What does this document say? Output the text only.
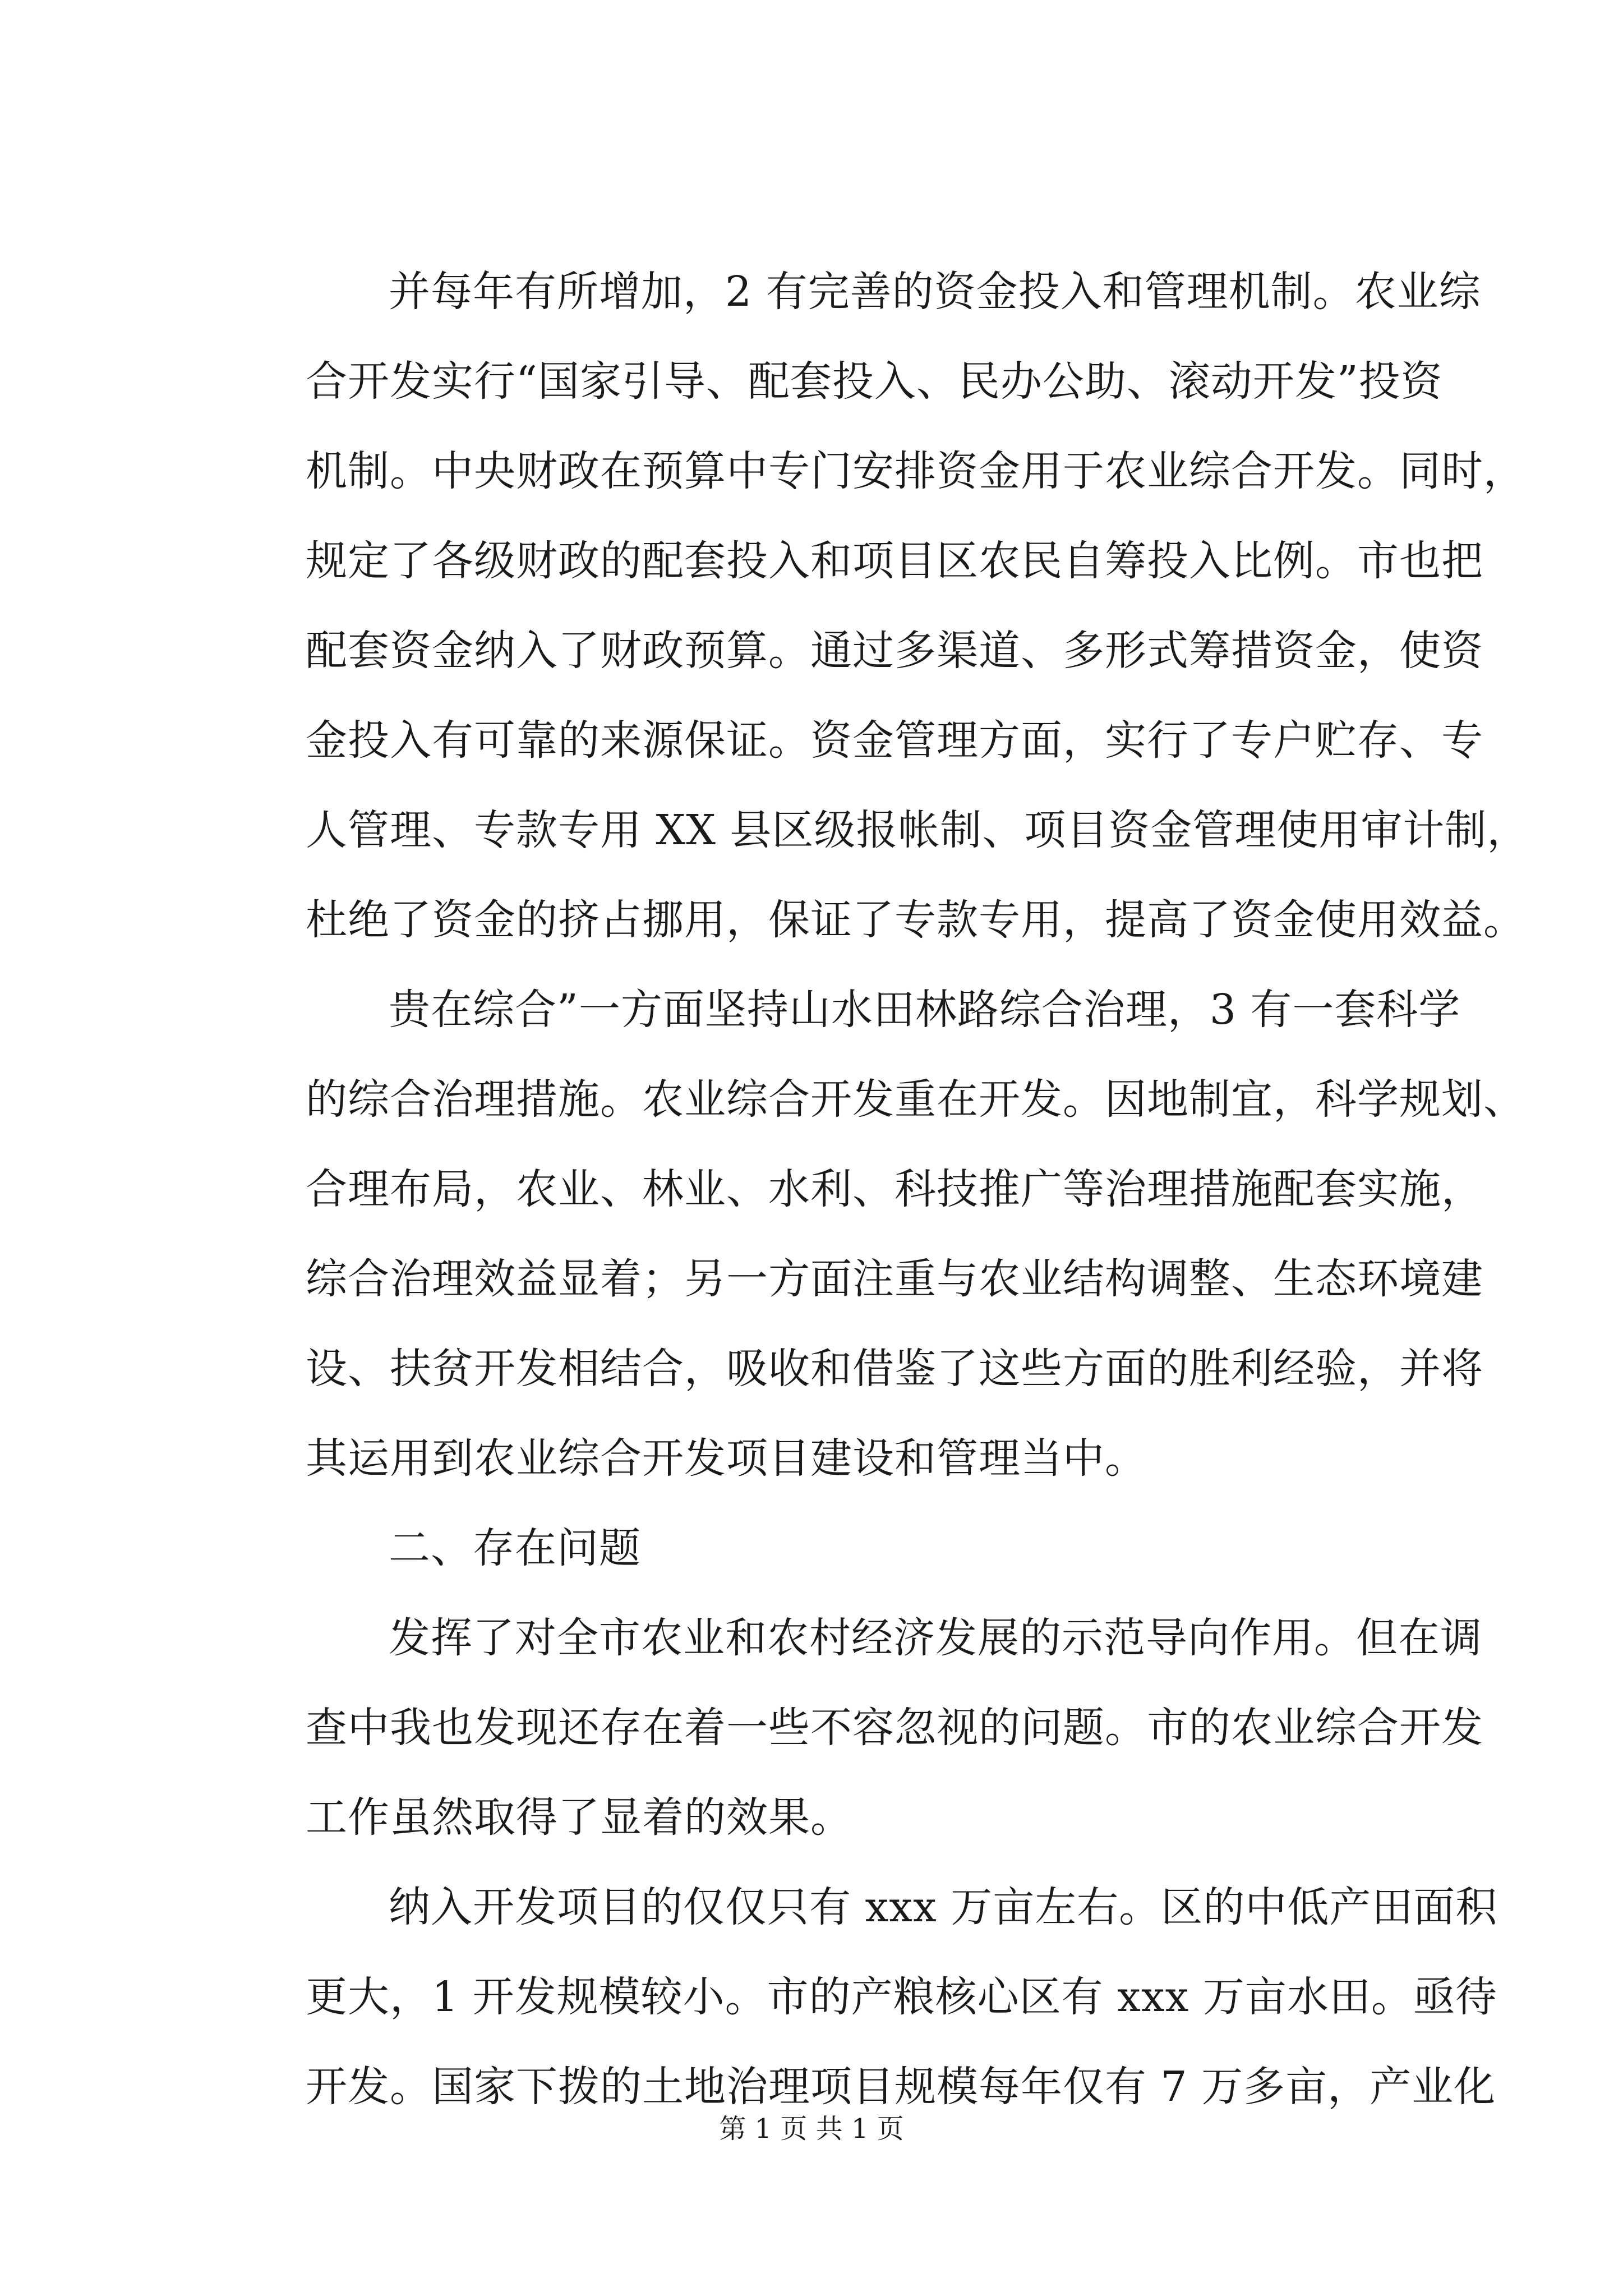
并每年有所增加，2 有完善的资金投入和管理机制。农业综
合开发实行“国家引导、配套投入、民办公助、滚动开发”投资
机制。中央财政在预算中专门安排资金用于农业综合开发。同时，
规定了各级财政的配套投入和项目区农民自筹投入比例。市也把
配套资金纳入了财政预算。通过多渠道、多形式筹措资金，使资
金投入有可靠的来源保证。资金管理方面，实行了专户贮存、专
人管理、专款专用 XX 县区级报帐制、项目资金管理使用审计制，
杜绝了资金的挤占挪用，保证了专款专用，提高了资金使用效益。
贵在综合”一方面坚持山水田林路综合治理，3 有一套科学
的综合治理措施。农业综合开发重在开发。因地制宜，科学规划、
合理布局，农业、林业、水利、科技推广等治理措施配套实施，
综合治理效益显着；另一方面注重与农业结构调整、生态环境建
设、扶贫开发相结合，吸收和借鉴了这些方面的胜利经验，并将
其运用到农业综合开发项目建设和管理当中。
二、存在问题
发挥了对全市农业和农村经济发展的示范导向作用。但在调
查中我也发现还存在着一些不容忽视的问题。市的农业综合开发
工作虽然取得了显着的效果。
纳入开发项目的仅仅只有 xxx 万亩左右。区的中低产田面积
更大，1 开发规模较小。市的产粮核心区有 xxx 万亩水田。亟待
开发。国家下拨的土地治理项目规模每年仅有 7 万多亩，产业化
第 1 页 共 1 页
